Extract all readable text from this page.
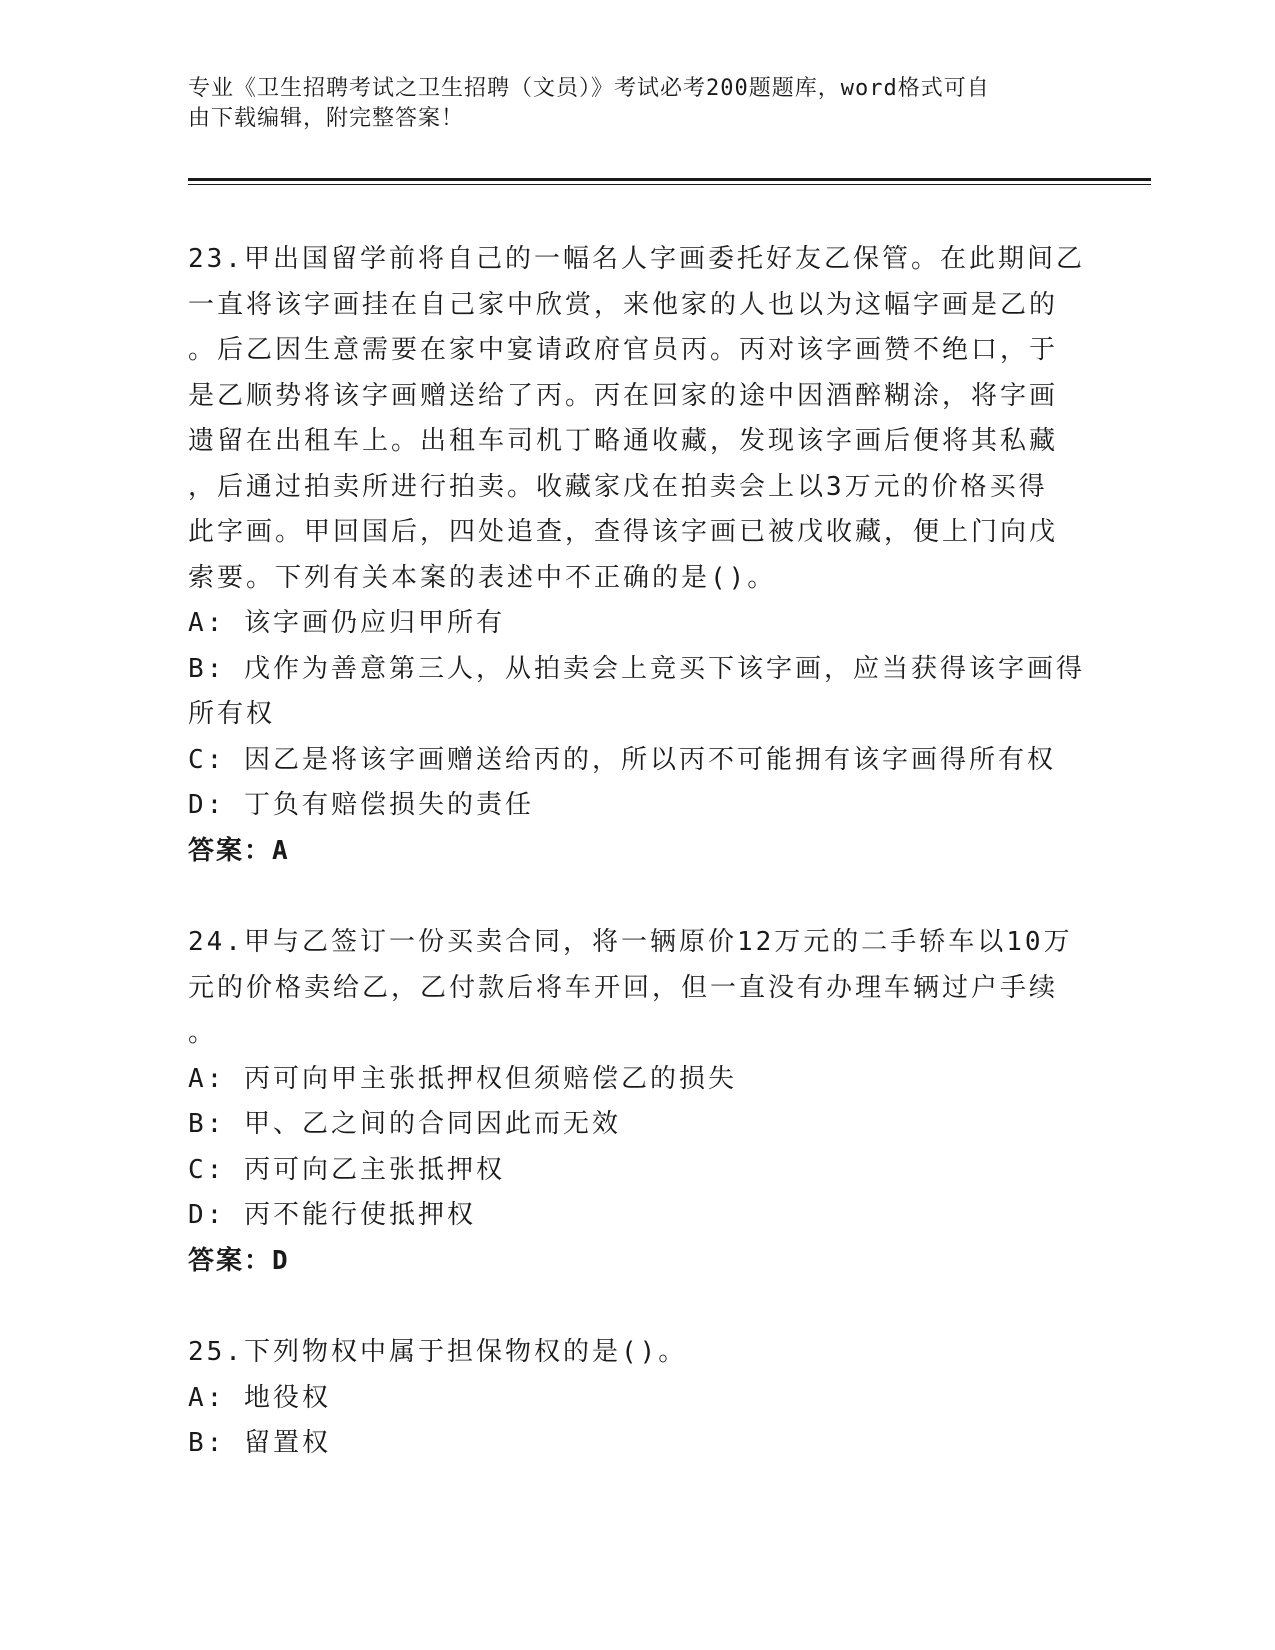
专业《卫生招聘考试之卫生招聘（文员）》考试必考200题题库，word格式可自
由下载编辑，附完整答案！
23.甲出国留学前将自己的一幅名人字画委托好友乙保管。在此期间乙
一直将该字画挂在自己家中欣赏，来他家的人也以为这幅字画是乙的
。后乙因生意需要在家中宴请政府官员丙。丙对该字画赞不绝口，于
是乙顺势将该字画赠送给了丙。丙在回家的途中因酒醉糊涂，将字画
遗留在出租车上。出租车司机丁略通收藏，发现该字画后便将其私藏
，后通过拍卖所进行拍卖。收藏家戊在拍卖会上以3万元的价格买得
此字画。甲回国后，四处追查，查得该字画已被戊收藏，便上门向戊
索要。下列有关本案的表述中不正确的是()。
A: 该字画仍应归甲所有
B: 戊作为善意第三人，从拍卖会上竞买下该字画，应当获得该字画得
所有权
C: 因乙是将该字画赠送给丙的，所以丙不可能拥有该字画得所有权
D: 丁负有赔偿损失的责任
答案：A
24.甲与乙签订一份买卖合同，将一辆原价12万元的二手轿车以10万
元的价格卖给乙，乙付款后将车开回，但一直没有办理车辆过户手续
。
A: 丙可向甲主张抵押权但须赔偿乙的损失
B: 甲、乙之间的合同因此而无效
C: 丙可向乙主张抵押权
D: 丙不能行使抵押权
答案：D
25.下列物权中属于担保物权的是()。
A: 地役权
B: 留置权
